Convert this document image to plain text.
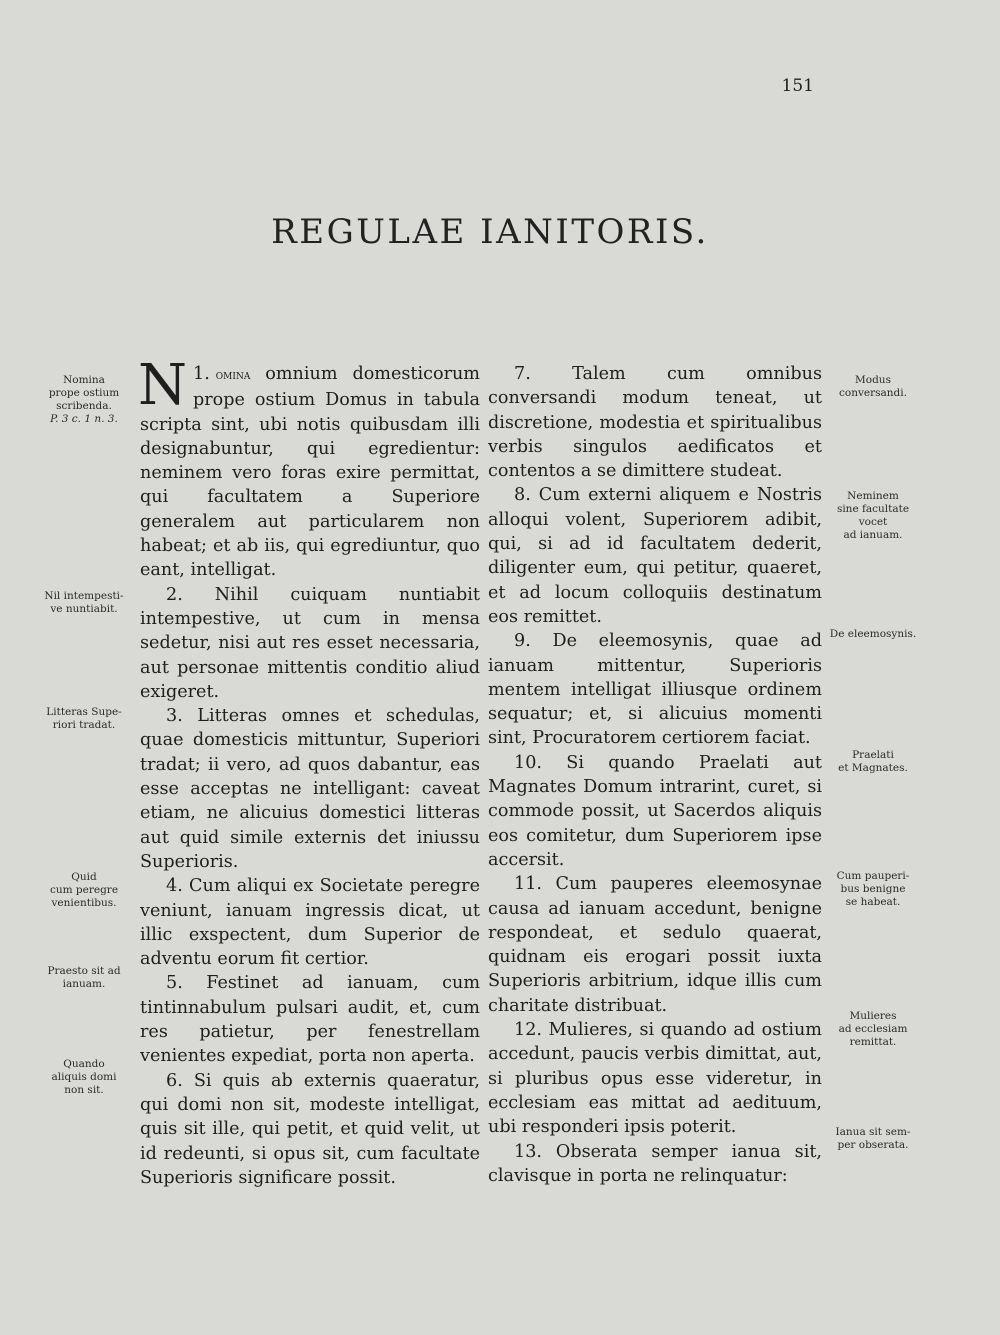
151
REGULAE IANITORIS.

1.
N omina omnium domesticorum prope ostium Domus in tabula scripta sint, ubi notis quibusdam illi designabuntur, qui egredientur: neminem vero foras exire permittat, qui facultatem a Superiore generalem aut particularem non habeat; et ab iis, qui egrediuntur, quo eant, intelligat.

2. Nihil cuiquam nuntiabit intempestive, ut cum in mensa sedetur, nisi aut res esset necessaria, aut personae mittentis conditio aliud exigeret.

3. Litteras omnes et schedulas, quae domesticis mittuntur, Superiori tradat; ii vero, ad quos dabantur, eas esse acceptas ne intelligant: caveat etiam, ne alicuius domestici litteras aut quid simile externis det iniussu Superioris.

4. Cum aliqui ex Societate peregre veniunt, ianuam ingressis dicat, ut illic exspectent, dum Superior de adventu eorum fit certior.

5. Festinet ad ianuam, cum tintinnabulum pulsari audit, et, cum res patietur, per fenestrellam venientes expediat, porta non aperta.

6. Si quis ab externis quaeratur, qui domi non sit, modeste intelligat, quis sit ille, qui petit, et quid velit, ut id redeunti, si opus sit, cum facultate Superioris significare possit.

7. Talem cum omnibus conversandi modum teneat, ut discretione, modestia et spiritualibus verbis singulos aedificatos et contentos a se dimittere studeat.

8. Cum externi aliquem e Nostris alloqui volent, Superiorem adibit, qui, si ad id facultatem dederit, diligenter eum, qui petitur, quaeret, et ad locum colloquiis destinatum eos remittet.

9. De eleemosynis, quae ad ianuam mittentur, Superioris mentem intelligat illiusque ordinem sequatur; et, si alicuius momenti sint, Procuratorem certiorem faciat.

10. Si quando Praelati aut Magnates Domum intrarint, curet, si commode possit, ut Sacerdos aliquis eos comitetur, dum Superiorem ipse accersit.

11. Cum pauperes eleemosynae causa ad ianuam accedunt, benigne respondeat, et sedulo quaerat, quidnam eis erogari possit iuxta Superioris arbitrium, idque illis cum charitate distribuat.

12. Mulieres, si quando ad ostium accedunt, paucis verbis dimittat, aut, si pluribus opus esse videretur, in ecclesiam eas mittat ad aedituum, ubi responderi ipsis poterit.

13. Obserata semper ianua sit, clavisque in porta ne relinquatur:

Nomina
prope ostium
scribenda.
P. 3 c. 1 n. 3.
Nil intempesti-
ve nuntiabit.
Litteras Supe-
riori tradat.
Quid
cum peregre
venientibus.
Praesto sit ad
ianuam.
Quando
aliquis domi
non sit.
Modus
conversandi.
Neminem
sine facultate
vocet
ad ianuam.
De eleemosynis.
Praelati
et Magnates.
Cum pauperi-
bus benigne
se habeat.
Mulieres
ad ecclesiam
remittat.
Ianua sit sem-
per obserata.
